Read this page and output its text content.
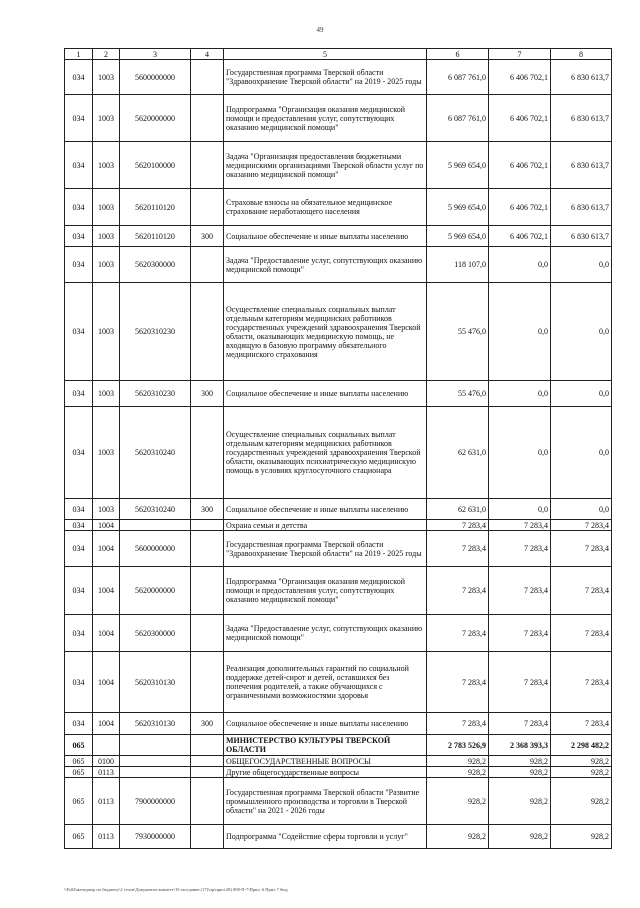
49
1	2	3	4	5	6	7	8
034	1003	5600000000		Государственная программа Тверской области "Здравоохранение Тверской области" на 2019 - 2025 годы	6 087 761,0	6 406 702,1	6 830 613,7
034	1003	5620000000		Подпрограмма "Организация оказания медицинской помощи и предоставления услуг, сопутствующих оказанию медицинской помощи"	6 087 761,0	6 406 702,1	6 830 613,7
034	1003	5620100000		Задача "Организация предоставления бюджетными медицинскими организациями Тверской области услуг по оказанию медицинской помощи"	5 969 654,0	6 406 702,1	6 830 613,7
034	1003	5620110120		Страховые взносы на обязательное медицинское страхование неработающего населения	5 969 654,0	6 406 702,1	6 830 613,7
034	1003	5620110120	300	Социальное обеспечение и иные выплаты населению	5 969 654,0	6 406 702,1	6 830 613,7
034	1003	5620300000		Задача "Предоставление услуг, сопутствующих оказанию медицинской помощи"	118 107,0	0,0	0,0
034	1003	5620310230		Осуществление специальных социальных выплат отдельным категориям медицинских работников государственных учреждений здравоохранения Тверской области, оказывающих медицинскую помощь, не входящую в базовую программу обязательного медицинского страхования	55 476,0	0,0	0,0
034	1003	5620310230	300	Социальное обеспечение и иные выплаты населению	55 476,0	0,0	0,0
034	1003	5620310240		Осуществление специальных социальных выплат отдельным категориям медицинских работников государственных учреждений здравоохранения Тверской области, оказывающих психиатрическую медицинскую помощь в условиях круглосуточного стационара	62 631,0	0,0	0,0
034	1003	5620310240	300	Социальное обеспечение и иные выплаты населению	62 631,0	0,0	0,0
034	1004			Охрана семьи и детства	7 283,4	7 283,4	7 283,4
034	1004	5600000000		Государственная программа Тверской области "Здравоохранение Тверской области" на 2019 - 2025 годы	7 283,4	7 283,4	7 283,4
034	1004	5620000000		Подпрограмма "Организация оказания медицинской помощи и предоставления услуг, сопутствующих оказанию медицинской помощи"	7 283,4	7 283,4	7 283,4
034	1004	5620300000		Задача "Предоставление услуг, сопутствующих оказанию медицинской помощи"	7 283,4	7 283,4	7 283,4
034	1004	5620310130		Реализация дополнительных гарантий по социальной поддержке детей-сирот и детей, оставшихся без попечения родителей, а также обучающихся с ограниченными возможностями здоровья	7 283,4	7 283,4	7 283,4
034	1004	5620310130	300	Социальное обеспечение и иные выплаты населению	7 283,4	7 283,4	7 283,4
065				МИНИСТЕРСТВО КУЛЬТУРЫ ТВЕРСКОЙ ОБЛАСТИ	2 783 526,9	2 368 393,3	2 298 482,2
065	0100			ОБЩЕГОСУДАРСТВЕННЫЕ ВОПРОСЫ	928,2	928,2	928,2
065	0113			Другие общегосударственные вопросы	928,2	928,2	928,2
065	0113	7900000000		Государственная программа Тверской области "Развитие промышленного производства и торговли в Тверской области" на 2021 - 2026 годы	928,2	928,2	928,2
065	0113	7930000000		Подпрограмма "Содействие сферы торговли и услуг"	928,2	928,2	928,2
\\Fs02\менеджер по бюджету\2 сезон\Документы комитет\19 заседание (17)\пр\прил\28) 008-П-7\Прил. 6 Прил 7 бюд
